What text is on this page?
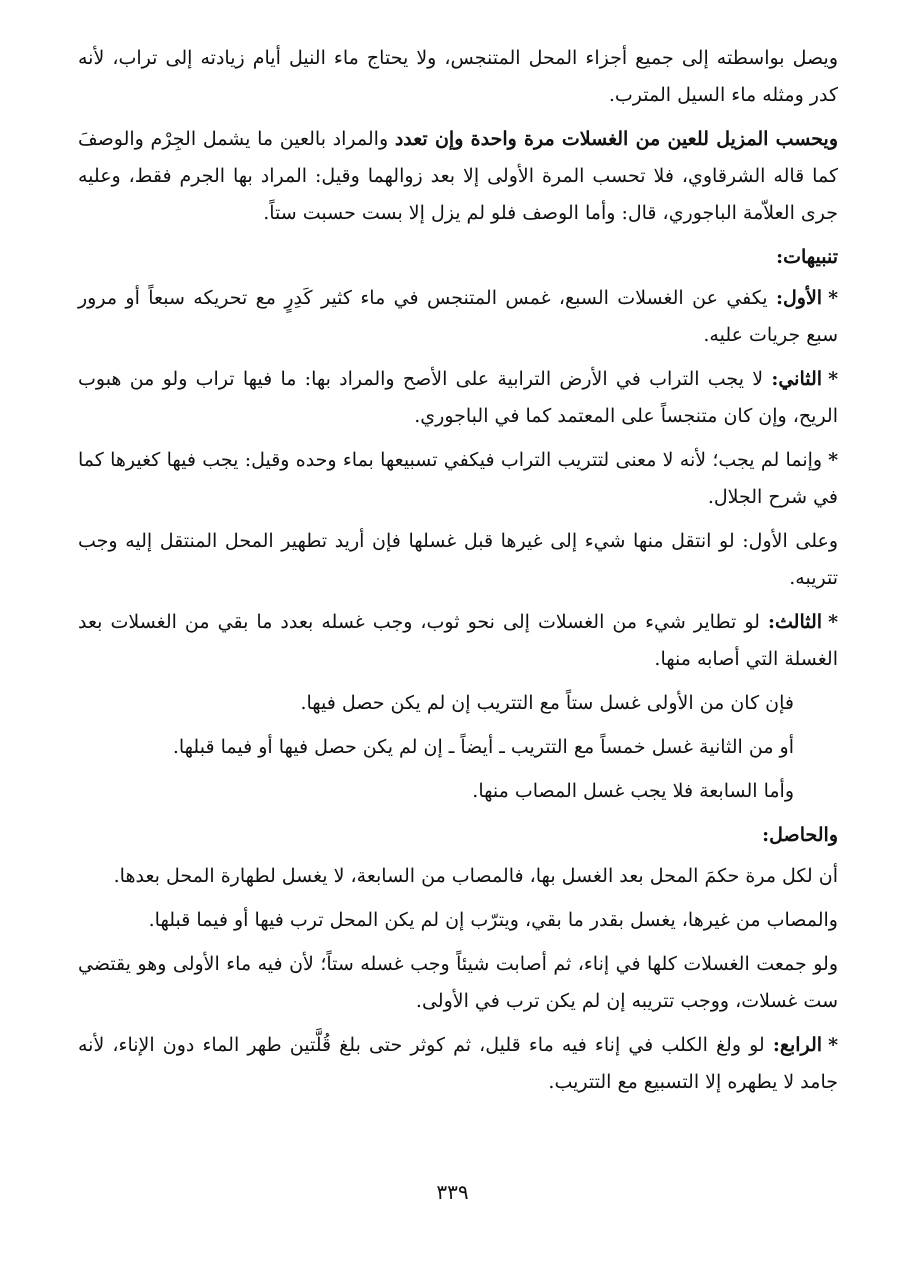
ويصل بواسطته إلى جميع أجزاء المحل المتنجس، ولا يحتاج ماء النيل أيام زيادته إلى تراب، لأنه كدر ومثله ماء السيل المترب.

ويحسب المزيل للعين من الغسلات مرة واحدة وإن تعدد والمراد بالعين ما يشمل الجِرْم والوصفَ كما قاله الشرقاوي، فلا تحسب المرة الأولى إلا بعد زوالهما وقيل: المراد بها الجرم فقط، وعليه جرى العلاّمة الباجوري، قال: وأما الوصف فلو لم يزل إلا بست حسبت ستاً.

تنبيهات:

*الأول: يكفي عن الغسلات السبع، غمس المتنجس في ماء كثير كَدِرٍ مع تحريكه سبعاً أو مرور سبع جريات عليه.

*الثاني: لا يجب التراب في الأرض الترابية على الأصح والمراد بها: ما فيها تراب ولو من هبوب الريح، وإن كان متنجساً على المعتمد كما في الباجوري.

*وإنما لم يجب؛ لأنه لا معنى لتتريب التراب فيكفي تسبيعها بماء وحده وقيل: يجب فيها كغيرها كما في شرح الجلال.

وعلى الأول: لو انتقل منها شيء إلى غيرها قبل غسلها فإن أريد تطهير المحل المنتقل إليه وجب تتريبه.

*الثالث: لو تطاير شيء من الغسلات إلى نحو ثوب، وجب غسله بعدد ما بقي من الغسلات بعد الغسلة التي أصابه منها.

فإن كان من الأولى غسل ستاً مع التتريب إن لم يكن حصل فيها.

أو من الثانية غسل خمساً مع التتريب ـ أيضاً ـ إن لم يكن حصل فيها أو فيما قبلها.

وأما السابعة فلا يجب غسل المصاب منها.

والحاصل:

أن لكل مرة حكمَ المحل بعد الغسل بها، فالمصاب من السابعة، لا يغسل لطهارة المحل بعدها.

والمصاب من غيرها، يغسل بقدر ما بقي، ويترّب إن لم يكن المحل ترب فيها أو فيما قبلها.

ولو جمعت الغسلات كلها في إناء، ثم أصابت شيئاً وجب غسله ستاً؛ لأن فيه ماء الأولى وهو يقتضي ست غسلات، ووجب تتريبه إن لم يكن ترب في الأولى.

*الرابع: لو ولغ الكلب في إناء فيه ماء قليل، ثم كوثر حتى بلغ قُلَّتين طهر الماء دون الإناء، لأنه جامد لا يطهره إلا التسبيع مع التتريب.

٣٣٩
